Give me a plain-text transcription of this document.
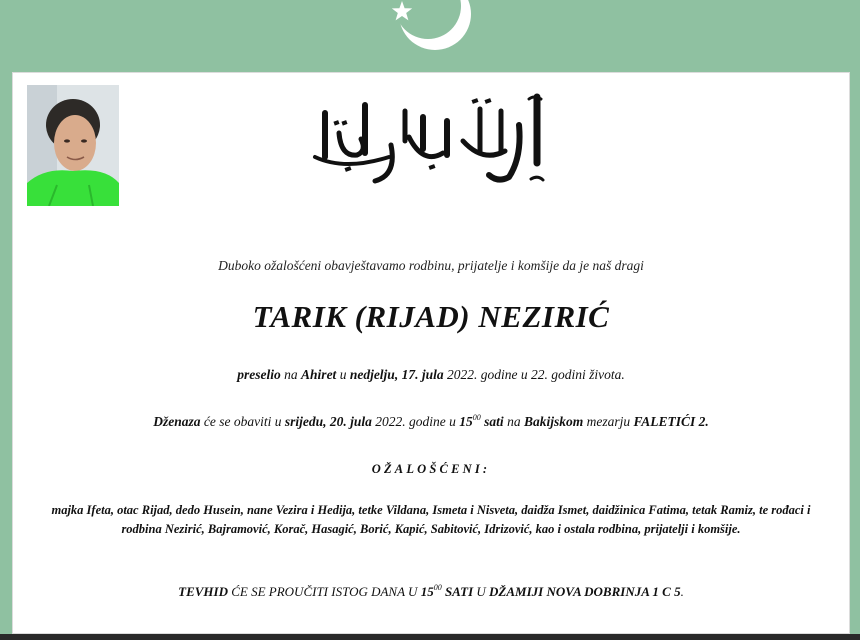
Duboko ožalošćeni obavještavamo rodbinu, prijatelje i komšije da je naš dragi
TARIK (RIJAD) NEZIRIĆ
preselio na Ahiret u nedjelju, 17. jula 2022. godine u 22. godini života.
Dženaza će se obaviti u srijedu, 20. jula 2022. godine u $15^{00}$ sati na Bakijskom mezarju FALETIĆI 2.
OŽALOŠĆENI:
majka Ifeta, otac Rijad, dedo Husein, nane Vezira i Hedija, tetke Vildana, Ismeta i Nisveta, daidža Ismet, daidžinica Fatima, tetak Ramiz, te rođaci i rodbina Nezirić, Bajramović, Korač, Hasagić, Borić, Kapić, Sabitović, Idrizović, kao i ostala rodbina, prijatelji i komšije.
TEVHID ĆE SE PROUČITI ISTOG DANA U $15^{00}$ SATI U DŽAMIJI NOVA DOBRINJA 1 C 5.
